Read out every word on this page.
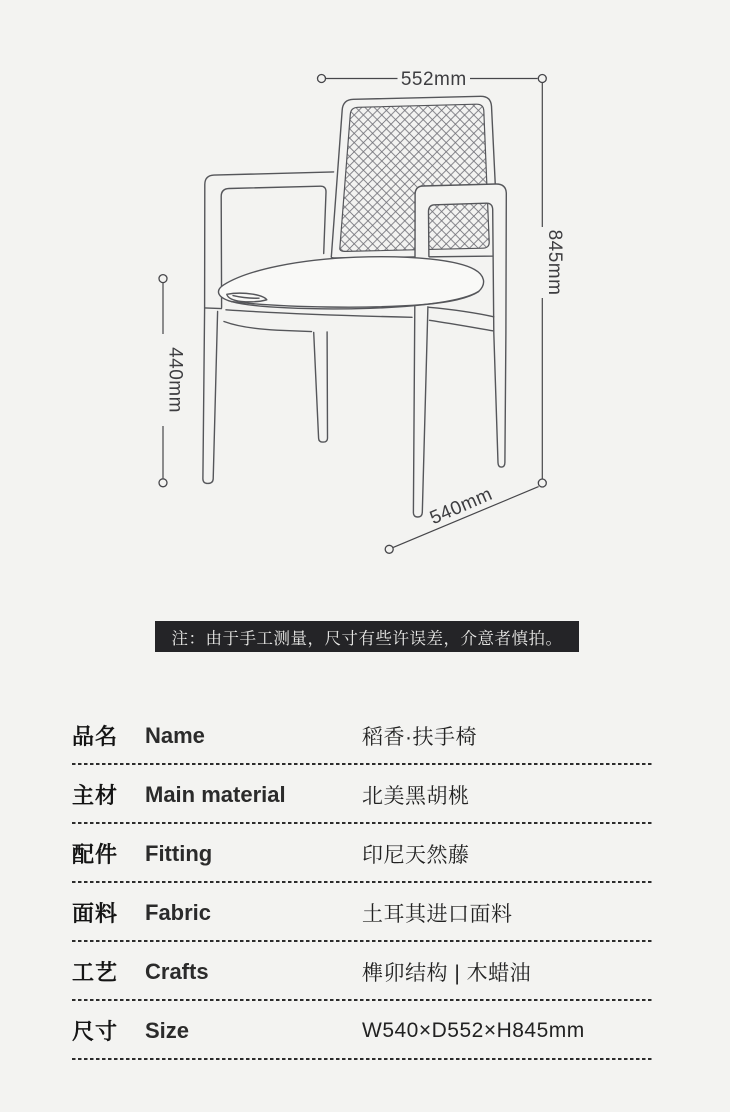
552mm
845mm
440mm
540mm
注：由于手工测量，尺寸有些许误差，介意者慎拍。
品名	Name	稻香·扶手椅
主材	Main material	北美黑胡桃
配件	Fitting	印尼天然藤
面料	Fabric	土耳其进口面料
工艺	Crafts	榫卯结构 | 木蜡油
尺寸	Size	W540×D552×H845mm
